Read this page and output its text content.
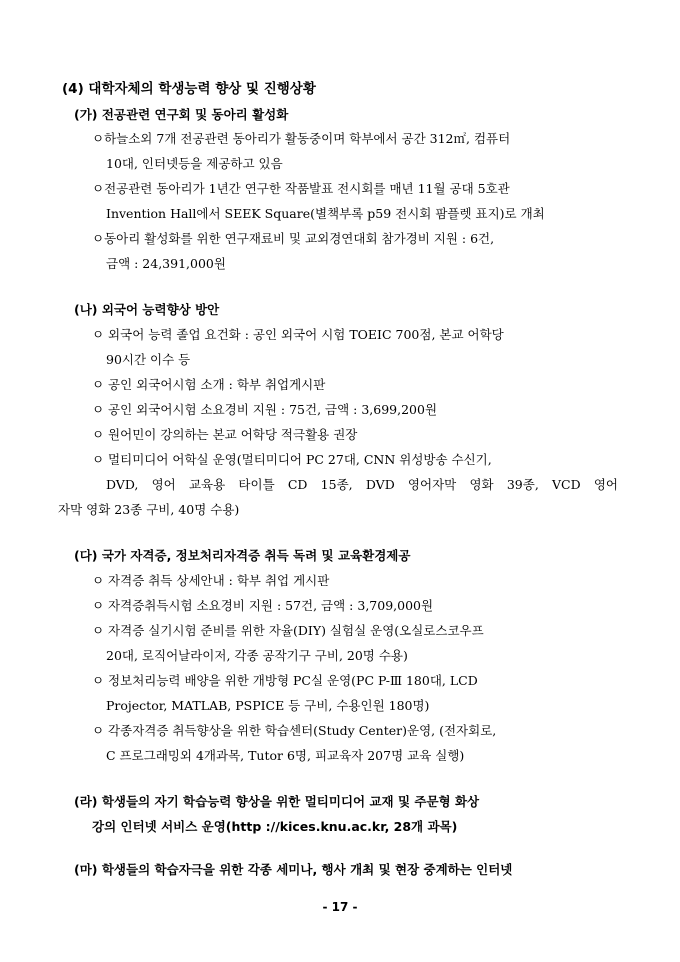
(4) 대학자체의 학생능력 향상 및 진행상황
(가) 전공관련 연구회 및 동아리 활성화
ㅇ하늘소외 7개 전공관련 동아리가 활동중이며 학부에서 공간 312㎡, 컴퓨터
10대, 인터넷등을 제공하고 있음
ㅇ전공관련 동아리가 1년간 연구한 작품발표 전시회를 매년 11월 공대 5호관
Invention Hall에서 SEEK Square(별책부록 p59 전시회 팜플렛 표지)로 개최
ㅇ동아리 활성화를 위한 연구재료비 및 교외경연대회 참가경비 지원 : 6건,
금액 : 24,391,000원
(나) 외국어 능력향상 방안
ㅇ 외국어 능력 졸업 요건화 : 공인 외국어 시험 TOEIC 700점, 본교 어학당
90시간 이수 등
ㅇ 공인 외국어시험 소개 : 학부 취업게시판
ㅇ 공인 외국어시험 소요경비 지원 : 75건, 금액 : 3,699,200원
ㅇ 원어민이 강의하는 본교 어학당 적극활용 권장
ㅇ 멀티미디어 어학실 운영(멀티미디어 PC 27대, CNN 위성방송 수신기,
DVD, 영어 교육용 타이틀 CD 15종, DVD 영어자막 영화 39종, VCD 영어
자막 영화 23종 구비, 40명 수용)
(다) 국가 자격증, 정보처리자격증 취득 독려 및 교육환경제공
ㅇ 자격증 취득 상세안내 : 학부 취업 게시판
ㅇ 자격증취득시험 소요경비 지원 : 57건, 금액 : 3,709,000원
ㅇ 자격증 실기시험 준비를 위한 자율(DIY) 실험실 운영(오실로스코우프
20대, 로직어날라이저, 각종 공작기구 구비, 20명 수용)
ㅇ 정보처리능력 배양을 위한 개방형 PC실 운영(PC P-Ⅲ 180대, LCD
Projector, MATLAB, PSPICE 등 구비, 수용인원 180명)
ㅇ 각종자격증 취득향상을 위한 학습센터(Study Center)운영, (전자회로,
C 프로그래밍외 4개과목, Tutor 6명, 피교육자 207명 교육 실행)
(라) 학생들의 자기 학습능력 향상을 위한 멀티미디어 교재 및 주문형 화상
강의 인터넷 서비스 운영(http ://kices.knu.ac.kr, 28개 과목)
(마) 학생들의 학습자극을 위한 각종 세미나, 행사 개최 및 현장 중계하는 인터넷
- 17 -
